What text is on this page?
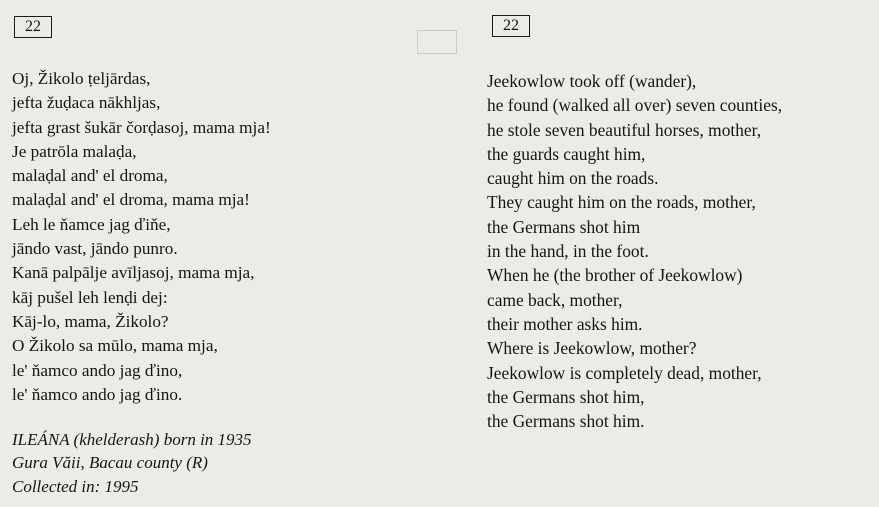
22
Oj, Žikolo ṭeljārdas,
jefta žuḍaca nākhljas,
jefta grast šukār čorḍasoj, mama mja!
Je patrōla malaḍa,
malaḍal and' el droma,
malaḍal and' el droma, mama mja!
Leh le ňamce jag ďiňe,
jāndo vast, jāndo punro.
Kanā palpālje avīljasoj, mama mja,
kāj pušel leh lenḍi dej:
Kāj-lo, mama, Žikolo?
O Žikolo sa mūlo, mama mja,
le' ňamco ando jag ďino,
le' ňamco ando jag ďino.
ILEÁNA (khelderash) born in 1935
Gura Văii, Bacau county (R)
Collected in: 1995
22
Jeekowlow took off (wander),
he found (walked all over) seven counties,
he stole seven beautiful horses, mother,
the guards caught him,
caught him on the roads.
They caught him on the roads, mother,
the Germans shot him
in the hand, in the foot.
When he (the brother of Jeekowlow)
came back, mother,
their mother asks him.
Where is Jeekowlow, mother?
Jeekowlow is completely dead, mother,
the Germans shot him,
the Germans shot him.
